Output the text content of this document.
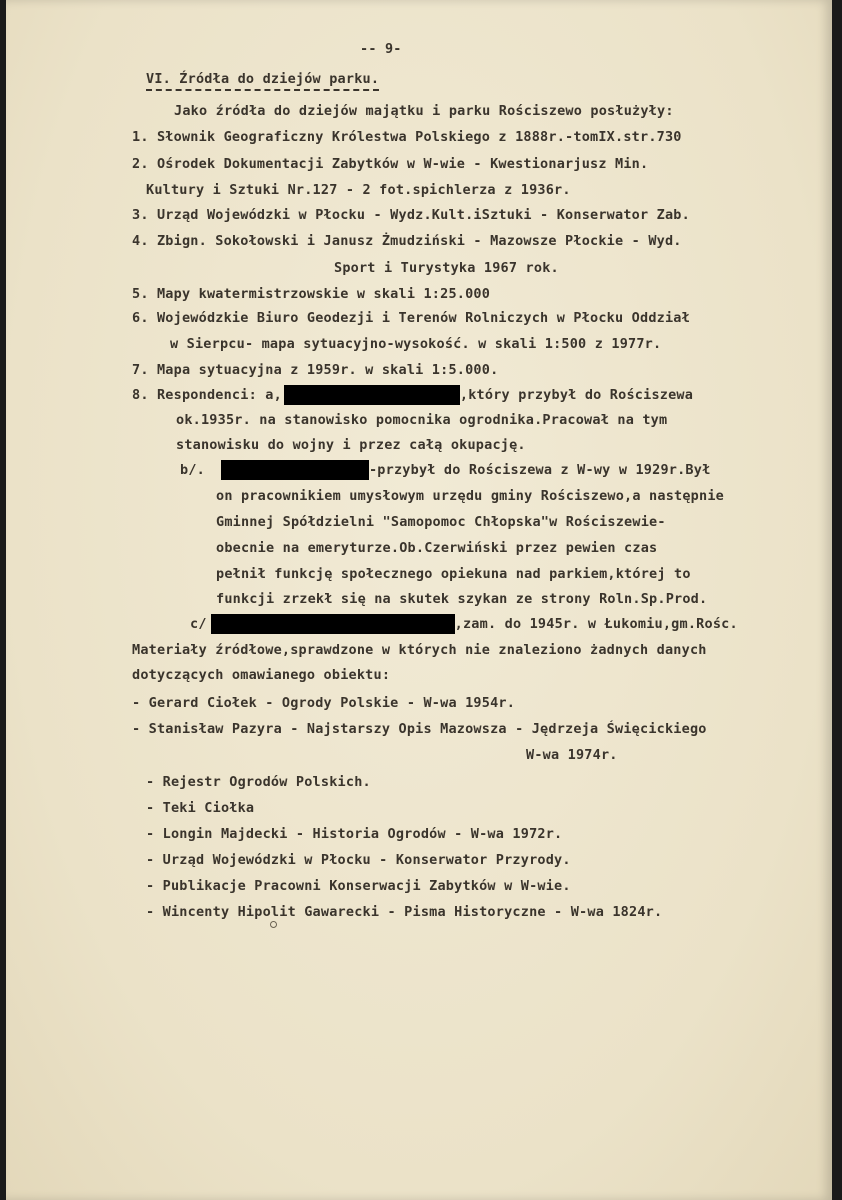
-- 9-
VI. Źródła do dziejów parku.
Jako źródła do dziejów majątku i parku Rościszewo posłużyły:
1. Słownik Geograficzny Królestwa Polskiego z 1888r.-tomIX.str.730
2. Ośrodek Dokumentacji Zabytków w W-wie - Kwestionarjusz Min.
Kultury i Sztuki Nr.127 - 2 fot.spichlerza z 1936r.
3. Urząd Wojewódzki w Płocku - Wydz.Kult.iSztuki - Konserwator Zab.
4. Zbign. Sokołowski i Janusz Żmudziński - Mazowsze Płockie - Wyd.
Sport i Turystyka 1967 rok.
5. Mapy kwatermistrzowskie w skali 1:25.000
6. Wojewódzkie Biuro Geodezji i Terenów Rolniczych w Płocku Oddział
w Sierpcu- mapa sytuacyjno-wysokość. w skali 1:500 z 1977r.
7. Mapa sytuacyjna z 1959r. w skali 1:5.000.
8. Respondenci: a,	,który przybył do Rościszewa
ok.1935r. na stanowisko pomocnika ogrodnika.Pracował na tym
stanowisku do wojny i przez całą okupację.
b/.	-przybył do Rościszewa z W-wy w 1929r.Był
on pracownikiem umysłowym urzędu gminy Rościszewo,a następnie
Gminnej Spółdzielni "Samopomoc Chłopska"w Rościszewie-
obecnie na emeryturze.Ob.Czerwiński przez pewien czas
pełnił funkcję społecznego opiekuna nad parkiem,której to
funkcji zrzekł się na skutek szykan ze strony Roln.Sp.Prod.
c/	,zam. do 1945r. w Łukomiu,gm.Rośc.
Materiały źródłowe,sprawdzone w których nie znaleziono żadnych danych
dotyczących omawianego obiektu:
- Gerard Ciołek - Ogrody Polskie - W-wa 1954r.
- Stanisław Pazyra - Najstarszy Opis Mazowsza - Jędrzeja Święcickiego
W-wa 1974r.
- Rejestr Ogrodów Polskich.
- Teki Ciołka
- Longin Majdecki - Historia Ogrodów - W-wa 1972r.
- Urząd Wojewódzki w Płocku - Konserwator Przyrody.
- Publikacje Pracowni Konserwacji Zabytków w W-wie.
- Wincenty Hipolit Gawarecki - Pisma Historyczne - W-wa 1824r.
